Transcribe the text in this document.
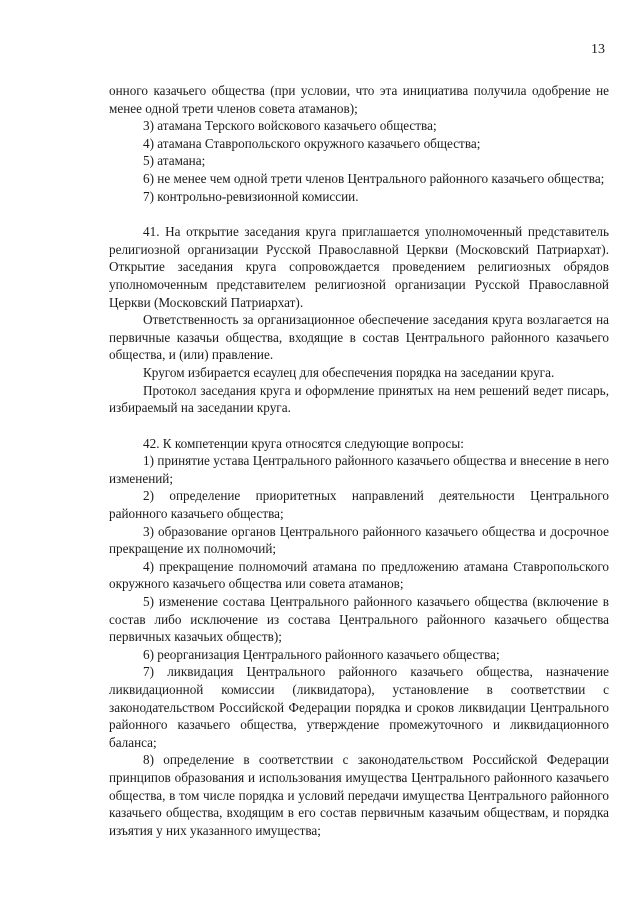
13

онного казачьего общества (при условии, что эта инициатива получила одобрение не менее одной трети членов совета атаманов);

3) атамана Терского войскового казачьего общества;

4) атамана Ставропольского окружного казачьего общества;

5) атамана;

6) не менее чем одной трети членов Центрального районного казачьего общества;

7) контрольно-ревизионной комиссии.

41. На открытие заседания круга приглашается уполномоченный представитель религиозной организации Русской Православной Церкви (Московский Патриархат). Открытие заседания круга сопровождается проведением религиозных обрядов уполномоченным представителем религиозной организации Русской Православной Церкви (Московский Патриархат).

Ответственность за организационное обеспечение заседания круга возлагается на первичные казачьи общества, входящие в состав Центрального районного казачьего общества, и (или) правление.

Кругом избирается есаулец для обеспечения порядка на заседании круга.

Протокол заседания круга и оформление принятых на нем решений ведет писарь, избираемый на заседании круга.

42. К компетенции круга относятся следующие вопросы:

1) принятие устава Центрального районного казачьего общества и внесение в него изменений;

2) определение приоритетных направлений деятельности Центрального районного казачьего общества;

3) образование органов Центрального районного казачьего общества и досрочное прекращение их полномочий;

4) прекращение полномочий атамана по предложению атамана Ставропольского окружного казачьего общества или совета атаманов;

5) изменение состава Центрального районного казачьего общества (включение в состав либо исключение из состава Центрального районного казачьего общества первичных казачьих обществ);

6) реорганизация Центрального районного казачьего общества;

7) ликвидация Центрального районного казачьего общества, назначение ликвидационной комиссии (ликвидатора), установление в соответствии с законодательством Российской Федерации порядка и сроков ликвидации Центрального районного казачьего общества, утверждение промежуточного и ликвидационного баланса;

8) определение в соответствии с законодательством Российской Федерации принципов образования и использования имущества Центрального районного казачьего общества, в том числе порядка и условий передачи имущества Центрального районного казачьего общества, входящим в его состав первичным казачьим обществам, и порядка изъятия у них указанного имущества;
